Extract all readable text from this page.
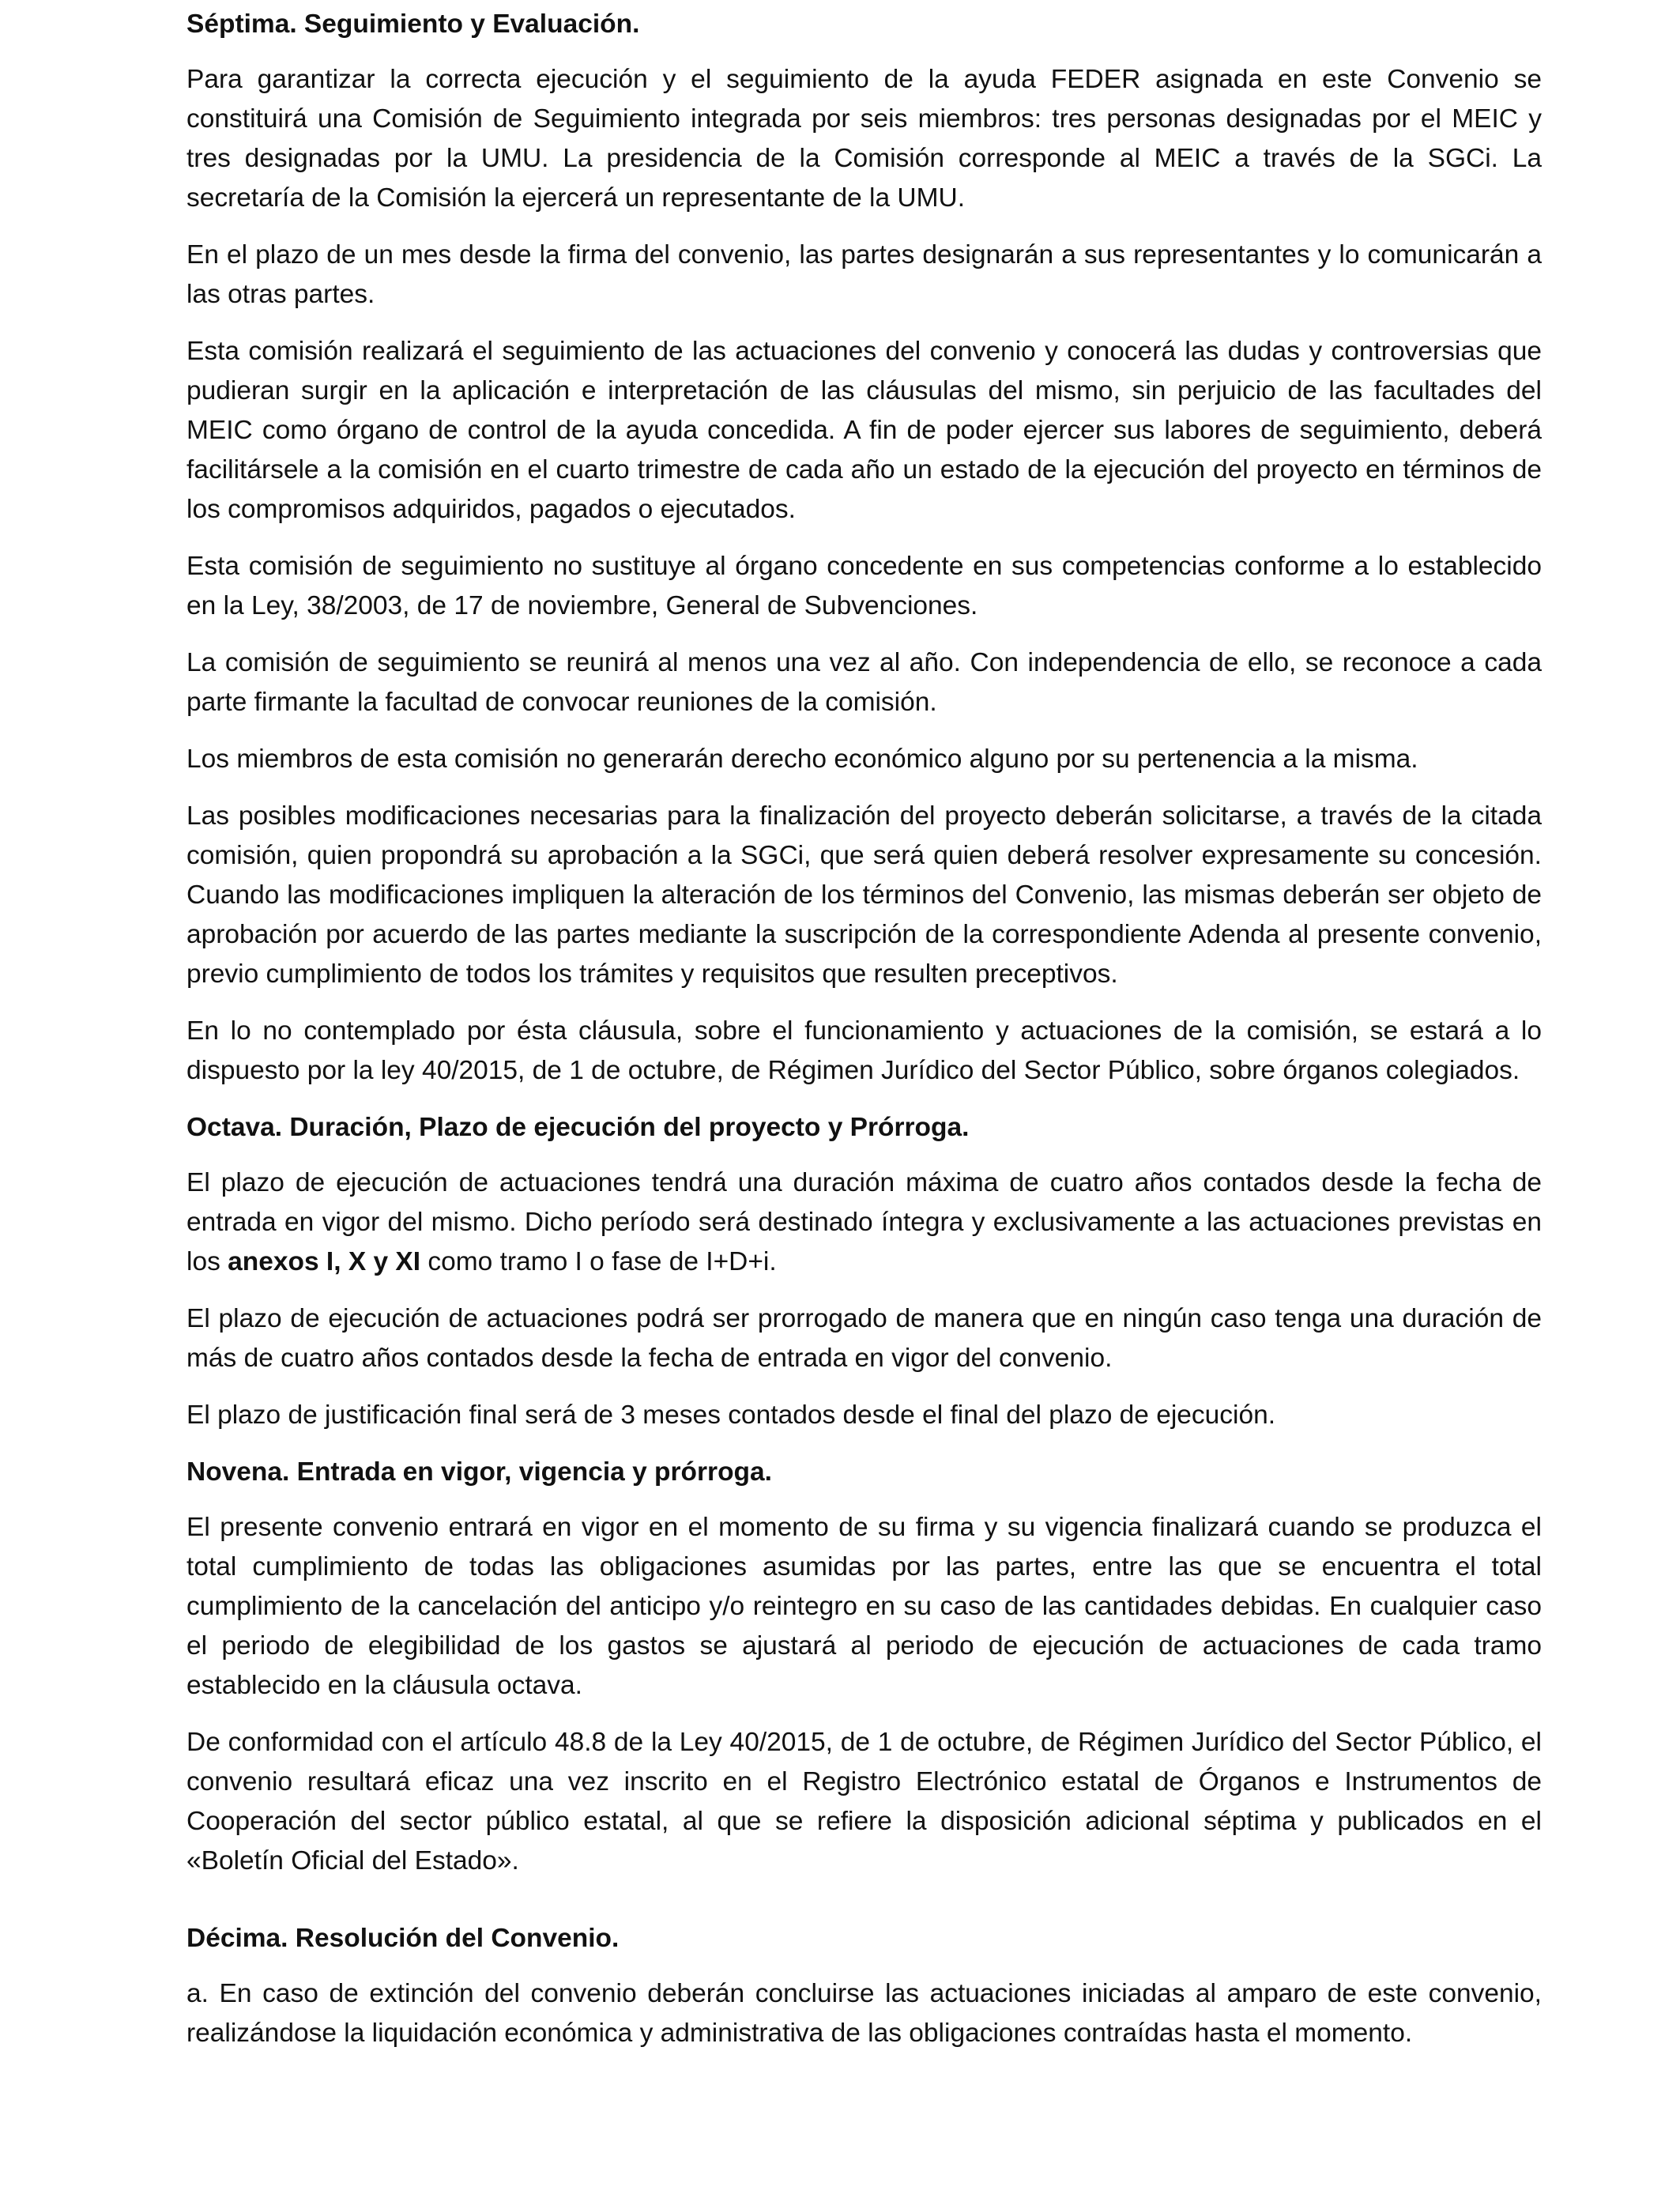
Séptima. Seguimiento y Evaluación.

Para garantizar la correcta ejecución y el seguimiento de la ayuda FEDER asignada en este Convenio se constituirá una Comisión de Seguimiento integrada por seis miembros: tres personas designadas por el MEIC y tres designadas por la UMU. La presidencia de la Comisión corresponde al MEIC a través de la SGCi. La secretaría de la Comisión la ejercerá un representante de la UMU.

En el plazo de un mes desde la firma del convenio, las partes designarán a sus representantes y lo comunicarán a las otras partes.

Esta comisión realizará el seguimiento de las actuaciones del convenio y conocerá las dudas y controversias que pudieran surgir en la aplicación e interpretación de las cláusulas del mismo, sin perjuicio de las facultades del MEIC como órgano de control de la ayuda concedida. A fin de poder ejercer sus labores de seguimiento, deberá facilitársele a la comisión en el cuarto trimestre de cada año un estado de la ejecución del proyecto en términos de los compromisos adquiridos, pagados o ejecutados.

Esta comisión de seguimiento no sustituye al órgano concedente en sus competencias conforme a lo establecido en la Ley, 38/2003, de 17 de noviembre, General de Subvenciones.

La comisión de seguimiento se reunirá al menos una vez al año. Con independencia de ello, se reconoce a cada parte firmante la facultad de convocar reuniones de la comisión.

Los miembros de esta comisión no generarán derecho económico alguno por su pertenencia a la misma.

Las posibles modificaciones necesarias para la finalización del proyecto deberán solicitarse, a través de la citada comisión, quien propondrá su aprobación a la SGCi, que será quien deberá resolver expresamente su concesión. Cuando las modificaciones impliquen la alteración de los términos del Convenio, las mismas deberán ser objeto de aprobación por acuerdo de las partes mediante la suscripción de la correspondiente Adenda al presente convenio, previo cumplimiento de todos los trámites y requisitos que resulten preceptivos.

En lo no contemplado por ésta cláusula, sobre el funcionamiento y actuaciones de la comisión, se estará a lo dispuesto por la ley 40/2015, de 1 de octubre, de Régimen Jurídico del Sector Público, sobre órganos colegiados.

Octava. Duración, Plazo de ejecución del proyecto y Prórroga.

El plazo de ejecución de actuaciones tendrá una duración máxima de cuatro años contados desde la fecha de entrada en vigor del mismo. Dicho período será destinado íntegra y exclusivamente a las actuaciones previstas en los anexos I, X y XI como tramo I o fase de I+D+i.

El plazo de ejecución de actuaciones podrá ser prorrogado de manera que en ningún caso tenga una duración de más de cuatro años contados desde la fecha de entrada en vigor del convenio.

El plazo de justificación final será de 3 meses contados desde el final del plazo de ejecución.

Novena. Entrada en vigor, vigencia y prórroga.

El presente convenio entrará en vigor en el momento de su firma y su vigencia finalizará cuando se produzca el total cumplimiento de todas las obligaciones asumidas por las partes, entre las que se encuentra el total cumplimiento de la cancelación del anticipo y/o reintegro en su caso de las cantidades debidas. En cualquier caso el periodo de elegibilidad de los gastos se ajustará al periodo de ejecución de actuaciones de cada tramo establecido en la cláusula octava.

De conformidad con el artículo 48.8 de la Ley 40/2015, de 1 de octubre, de Régimen Jurídico del Sector Público, el convenio resultará eficaz una vez inscrito en el Registro Electrónico estatal de Órganos e Instrumentos de Cooperación del sector público estatal, al que se refiere la disposición adicional séptima y publicados en el «Boletín Oficial del Estado».

Décima. Resolución del Convenio.

a. En caso de extinción del convenio deberán concluirse las actuaciones iniciadas al amparo de este convenio, realizándose la liquidación económica y administrativa de las obligaciones contraídas hasta el momento.
